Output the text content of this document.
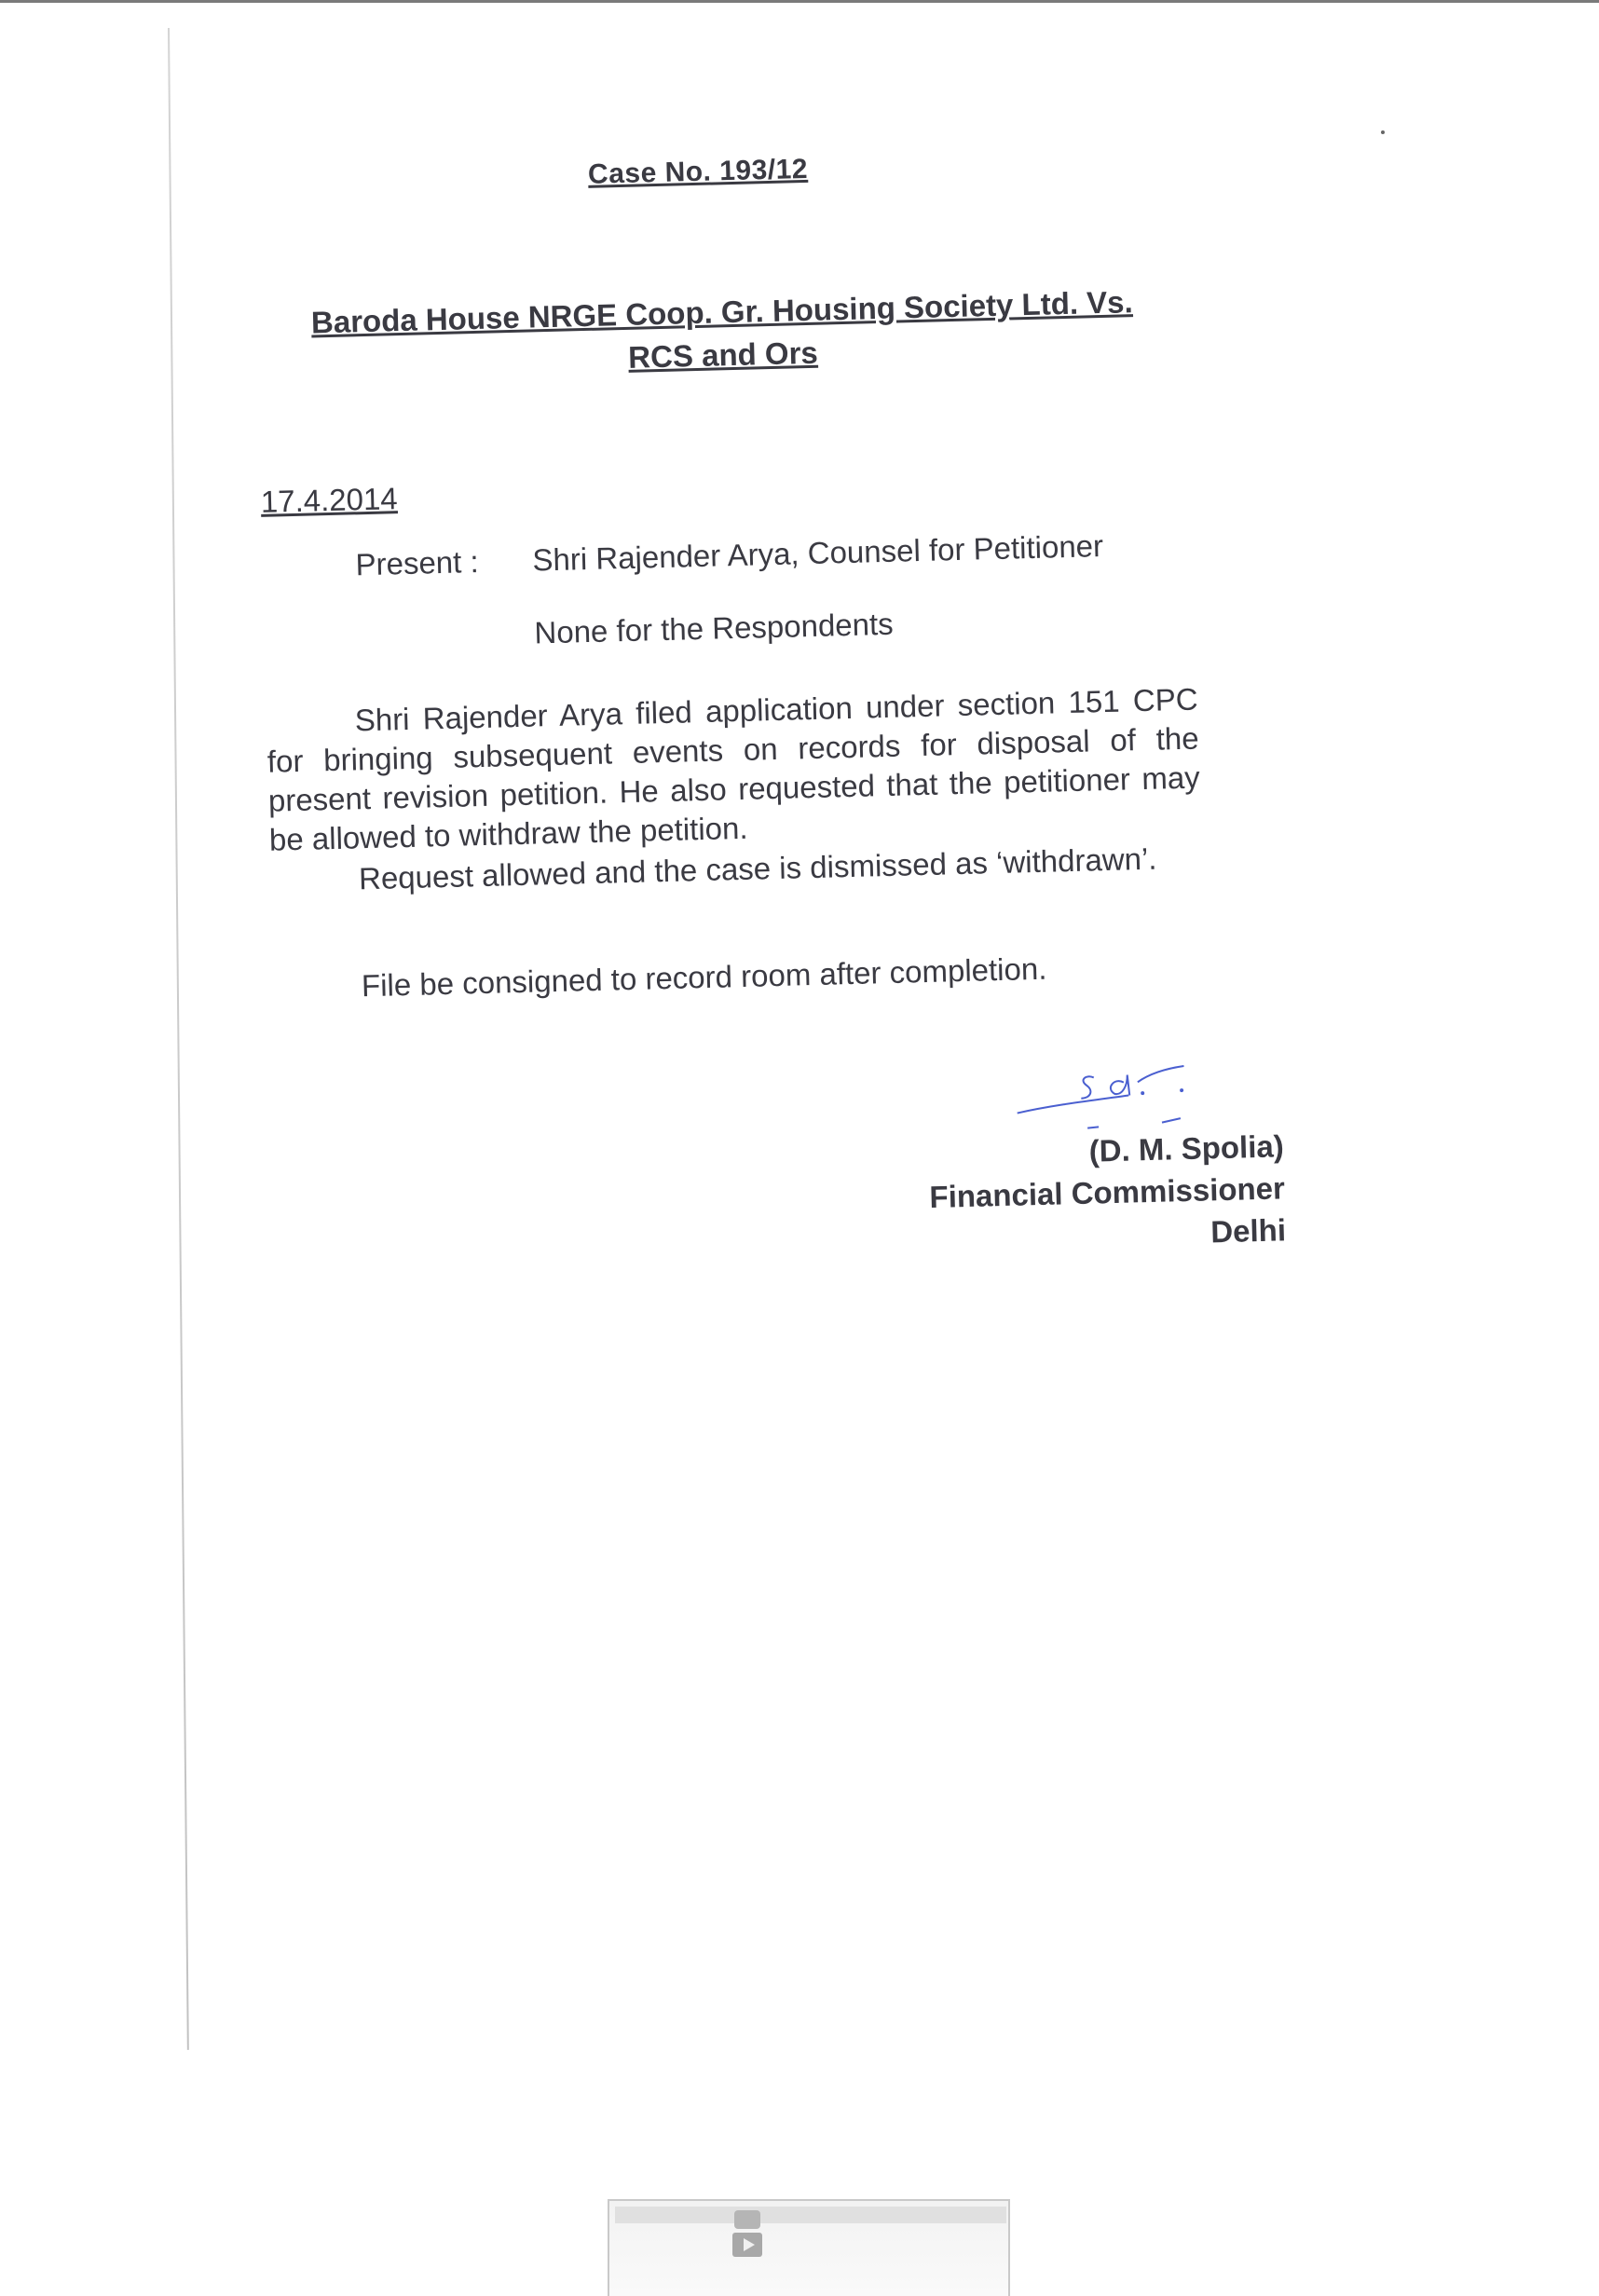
Case No. 193/12
Baroda House NRGE Coop. Gr. Housing Society Ltd. Vs.
RCS and Ors
17.4.2014
Present : Shri Rajender Arya, Counsel for Petitioner
None for the Respondents
Shri Rajender Arya filed application under section 151 CPC for bringing subsequent events on records for disposal of the present revision petition. He also requested that the petitioner may be allowed to withdraw the petition.
Request allowed and the case is dismissed as ‘withdrawn’.
File be consigned to record room after completion.
(D. M. Spolia)
Financial Commissioner
Delhi
